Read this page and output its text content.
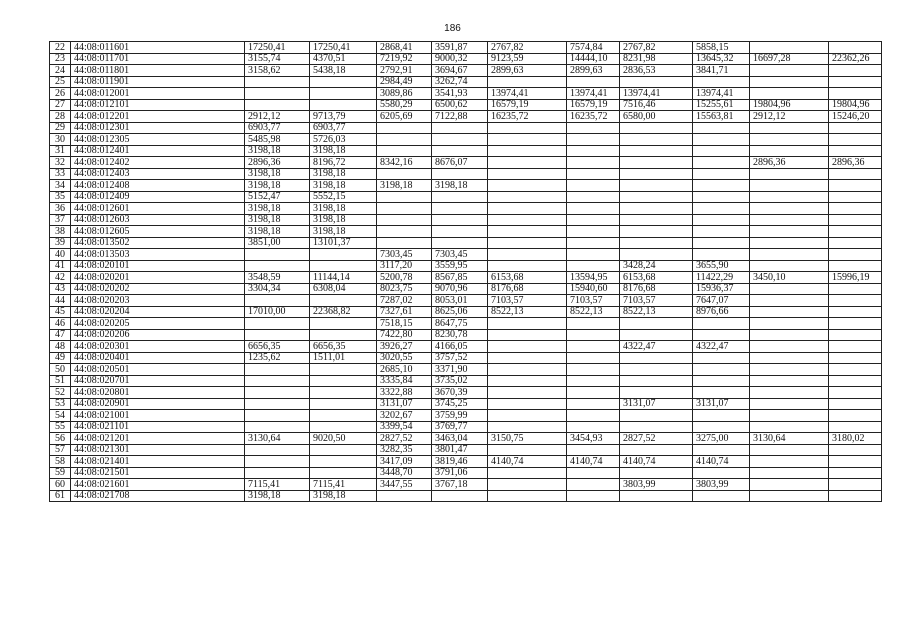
186
22	44:08:011601	17250,41	17250,41	2868,41	3591,87	2767,82	7574,84	2767,82	5858,15		
23	44:08:011701	3155,74	4370,51	7219,92	9000,32	9123,59	14444,10	8231,98	13645,32	16697,28	22362,26
24	44:08:011801	3158,62	5438,18	2792,91	3694,67	2899,63	2899,63	2836,53	3841,71		
25	44:08:011901			2984,49	3262,74						
26	44:08:012001			3089,86	3541,93	13974,41	13974,41	13974,41	13974,41		
27	44:08:012101			5580,29	6500,62	16579,19	16579,19	7516,46	15255,61	19804,96	19804,96
28	44:08:012201	2912,12	9713,79	6205,69	7122,88	16235,72	16235,72	6580,00	15563,81	2912,12	15246,20
29	44:08:012301	6903,77	6903,77								
30	44:08:012305	5485,98	5726,03								
31	44:08:012401	3198,18	3198,18								
32	44:08:012402	2896,36	8196,72	8342,16	8676,07					2896,36	2896,36
33	44:08:012403	3198,18	3198,18								
34	44:08:012408	3198,18	3198,18	3198,18	3198,18						
35	44:08:012409	5152,47	5552,15								
36	44:08:012601	3198,18	3198,18								
37	44:08:012603	3198,18	3198,18								
38	44:08:012605	3198,18	3198,18								
39	44:08:013502	3851,00	13101,37								
40	44:08:013503			7303,45	7303,45						
41	44:08:020101			3117,20	3559,95			3428,24	3655,90		
42	44:08:020201	3548,59	11144,14	5200,78	8567,85	6153,68	13594,95	6153,68	11422,29	3450,10	15996,19
43	44:08:020202	3304,34	6308,04	8023,75	9070,96	8176,68	15940,60	8176,68	15936,37		
44	44:08:020203			7287,02	8053,01	7103,57	7103,57	7103,57	7647,07		
45	44:08:020204	17010,00	22368,82	7327,61	8625,06	8522,13	8522,13	8522,13	8976,66		
46	44:08:020205			7518,15	8647,75						
47	44:08:020206			7422,80	8230,78						
48	44:08:020301	6656,35	6656,35	3926,27	4166,05			4322,47	4322,47		
49	44:08:020401	1235,62	1511,01	3020,55	3757,52						
50	44:08:020501			2685,10	3371,90						
51	44:08:020701			3335,84	3735,02						
52	44:08:020801			3322,88	3670,39						
53	44:08:020901			3131,07	3745,25			3131,07	3131,07		
54	44:08:021001			3202,67	3759,99						
55	44:08:021101			3399,54	3769,77						
56	44:08:021201	3130,64	9020,50	2827,52	3463,04	3150,75	3454,93	2827,52	3275,00	3130,64	3180,02
57	44:08:021301			3282,35	3801,47						
58	44:08:021401			3417,09	3819,46	4140,74	4140,74	4140,74	4140,74		
59	44:08:021501			3448,70	3791,06						
60	44:08:021601	7115,41	7115,41	3447,55	3767,18			3803,99	3803,99		
61	44:08:021708	3198,18	3198,18								
